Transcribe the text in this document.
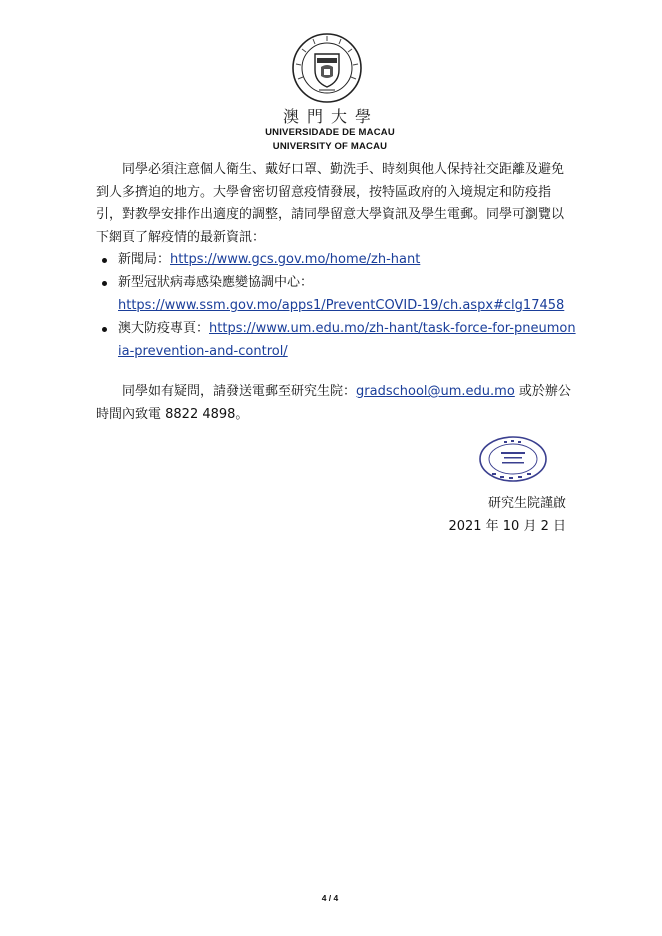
澳門大學
UNIVERSIDADE DE MACAU
UNIVERSITY OF MACAU
同學必須注意個人衛生、戴好口罩、勤洗手、時刻與他人保持社交距離及避免到人多擠迫的地方。大學會密切留意疫情發展，按特區政府的入境規定和防疫指引，對教學安排作出適度的調整，請同學留意大學資訊及學生電郵。同學可瀏覽以下網頁了解疫情的最新資訊：
新聞局：https://www.gcs.gov.mo/home/zh-hant
新型冠狀病毒感染應變協調中心：
https://www.ssm.gov.mo/apps1/PreventCOVID-19/ch.aspx#clg17458
澳大防疫專頁：https://www.um.edu.mo/zh-hant/task-force-for-pneumonia-prevention-and-control/
同學如有疑問，請發送電郵至研究生院：gradschool@um.edu.mo 或於辦公時間內致電 8822 4898。
研究生院謹啟
2021 年 10 月 2 日
4 / 4
